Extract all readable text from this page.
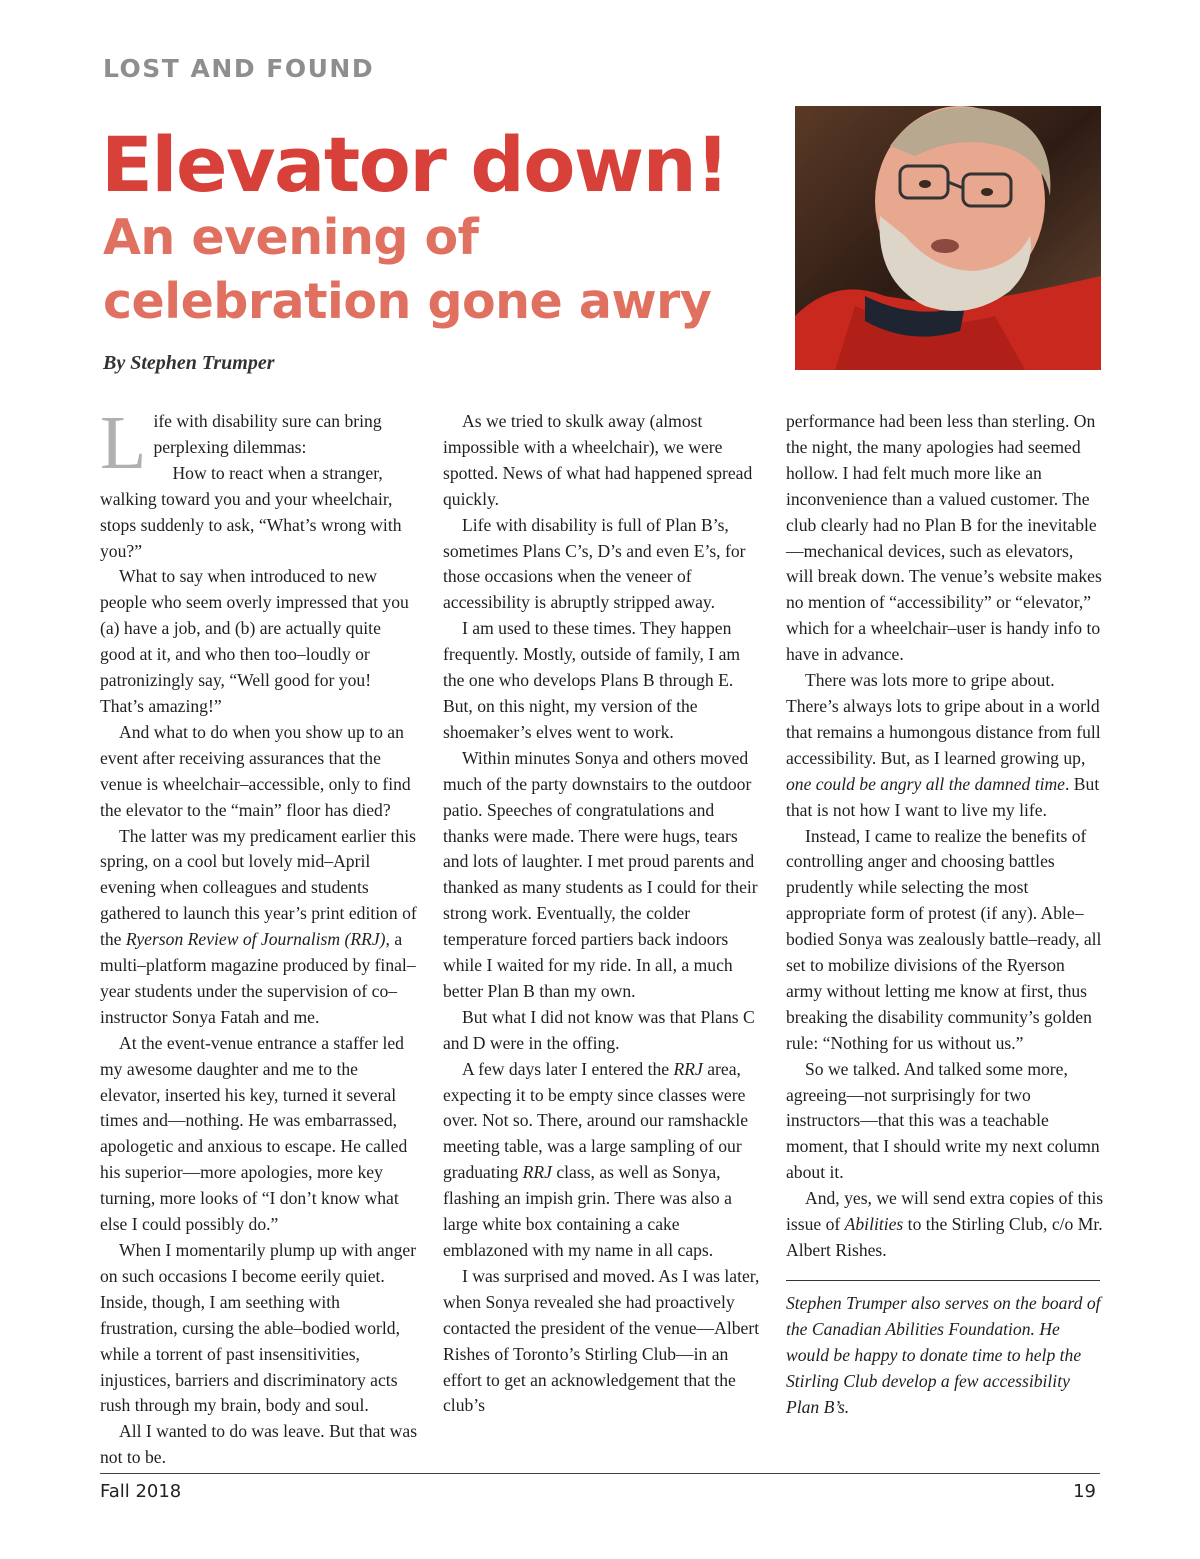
LOST AND FOUND
Elevator down!
An evening of celebration gone awry
By Stephen Trumper

Life with disability sure can bring perplexing dilemmas:

How to react when a stranger, walking toward you and your wheelchair, stops suddenly to ask, “What’s wrong with you?”

What to say when introduced to new people who seem overly impressed that you (a) have a job, and (b) are actually quite good at it, and who then too–loudly or patronizingly say, “Well good for you! That’s amazing!”

And what to do when you show up to an event after receiving assurances that the venue is wheelchair–accessible, only to find the elevator to the “main” floor has died?

The latter was my predicament earlier this spring, on a cool but lovely mid–April evening when colleagues and students gathered to launch this year’s print edition of the Ryerson Review of Journalism (RRJ), a multi–platform magazine produced by final–year students under the supervision of co–instructor Sonya Fatah and me.

At the event-venue entrance a staffer led my awesome daughter and me to the elevator, inserted his key, turned it several times and—nothing. He was embarrassed, apologetic and anxious to escape. He called his superior—more apologies, more key turning, more looks of “I don’t know what else I could possibly do.”

When I momentarily plump up with anger on such occasions I become eerily quiet. Inside, though, I am seething with frustration, cursing the able–bodied world, while a torrent of past insensitivities, injustices, barriers and discriminatory acts rush through my brain, body and soul.

All I wanted to do was leave. But that was not to be.

As we tried to skulk away (almost impossible with a wheelchair), we were spotted. News of what had happened spread quickly.

Life with disability is full of Plan B’s, sometimes Plans C’s, D’s and even E’s, for those occasions when the veneer of accessibility is abruptly stripped away.

I am used to these times. They happen frequently. Mostly, outside of family, I am the one who develops Plans B through E. But, on this night, my version of the shoemaker’s elves went to work.

Within minutes Sonya and others moved much of the party downstairs to the outdoor patio. Speeches of congratulations and thanks were made. There were hugs, tears and lots of laughter. I met proud parents and thanked as many students as I could for their strong work. Eventually, the colder temperature forced partiers back indoors while I waited for my ride. In all, a much better Plan B than my own.

But what I did not know was that Plans C and D were in the offing.

A few days later I entered the RRJ area, expecting it to be empty since classes were over. Not so. There, around our ramshackle meeting table, was a large sampling of our graduating RRJ class, as well as Sonya, flashing an impish grin. There was also a large white box containing a cake emblazoned with my name in all caps.

I was surprised and moved. As I was later, when Sonya revealed she had proactively contacted the president of the venue—Albert Rishes of Toronto’s Stirling Club—in an effort to get an acknowledgement that the club’s

performance had been less than sterling. On the night, the many apologies had seemed hollow. I had felt much more like an inconvenience than a valued customer. The club clearly had no Plan B for the inevitable—mechanical devices, such as elevators, will break down. The venue’s website makes no mention of “accessibility” or “elevator,” which for a wheelchair–user is handy info to have in advance.

There was lots more to gripe about. There’s always lots to gripe about in a world that remains a humongous distance from full accessibility. But, as I learned growing up, one could be angry all the damned time. But that is not how I want to live my life.

Instead, I came to realize the benefits of controlling anger and choosing battles prudently while selecting the most appropriate form of protest (if any). Able–bodied Sonya was zealously battle–ready, all set to mobilize divisions of the Ryerson army without letting me know at first, thus breaking the disability community’s golden rule: “Nothing for us without us.”

So we talked. And talked some more, agreeing—not surprisingly for two instructors—that this was a teachable moment, that I should write my next column about it.

And, yes, we will send extra copies of this issue of Abilities to the Stirling Club, c/o Mr. Albert Rishes.

Stephen Trumper also serves on the board of the Canadian Abilities Foundation. He would be happy to donate time to help the Stirling Club develop a few accessibility Plan B’s.

Fall 2018	19
